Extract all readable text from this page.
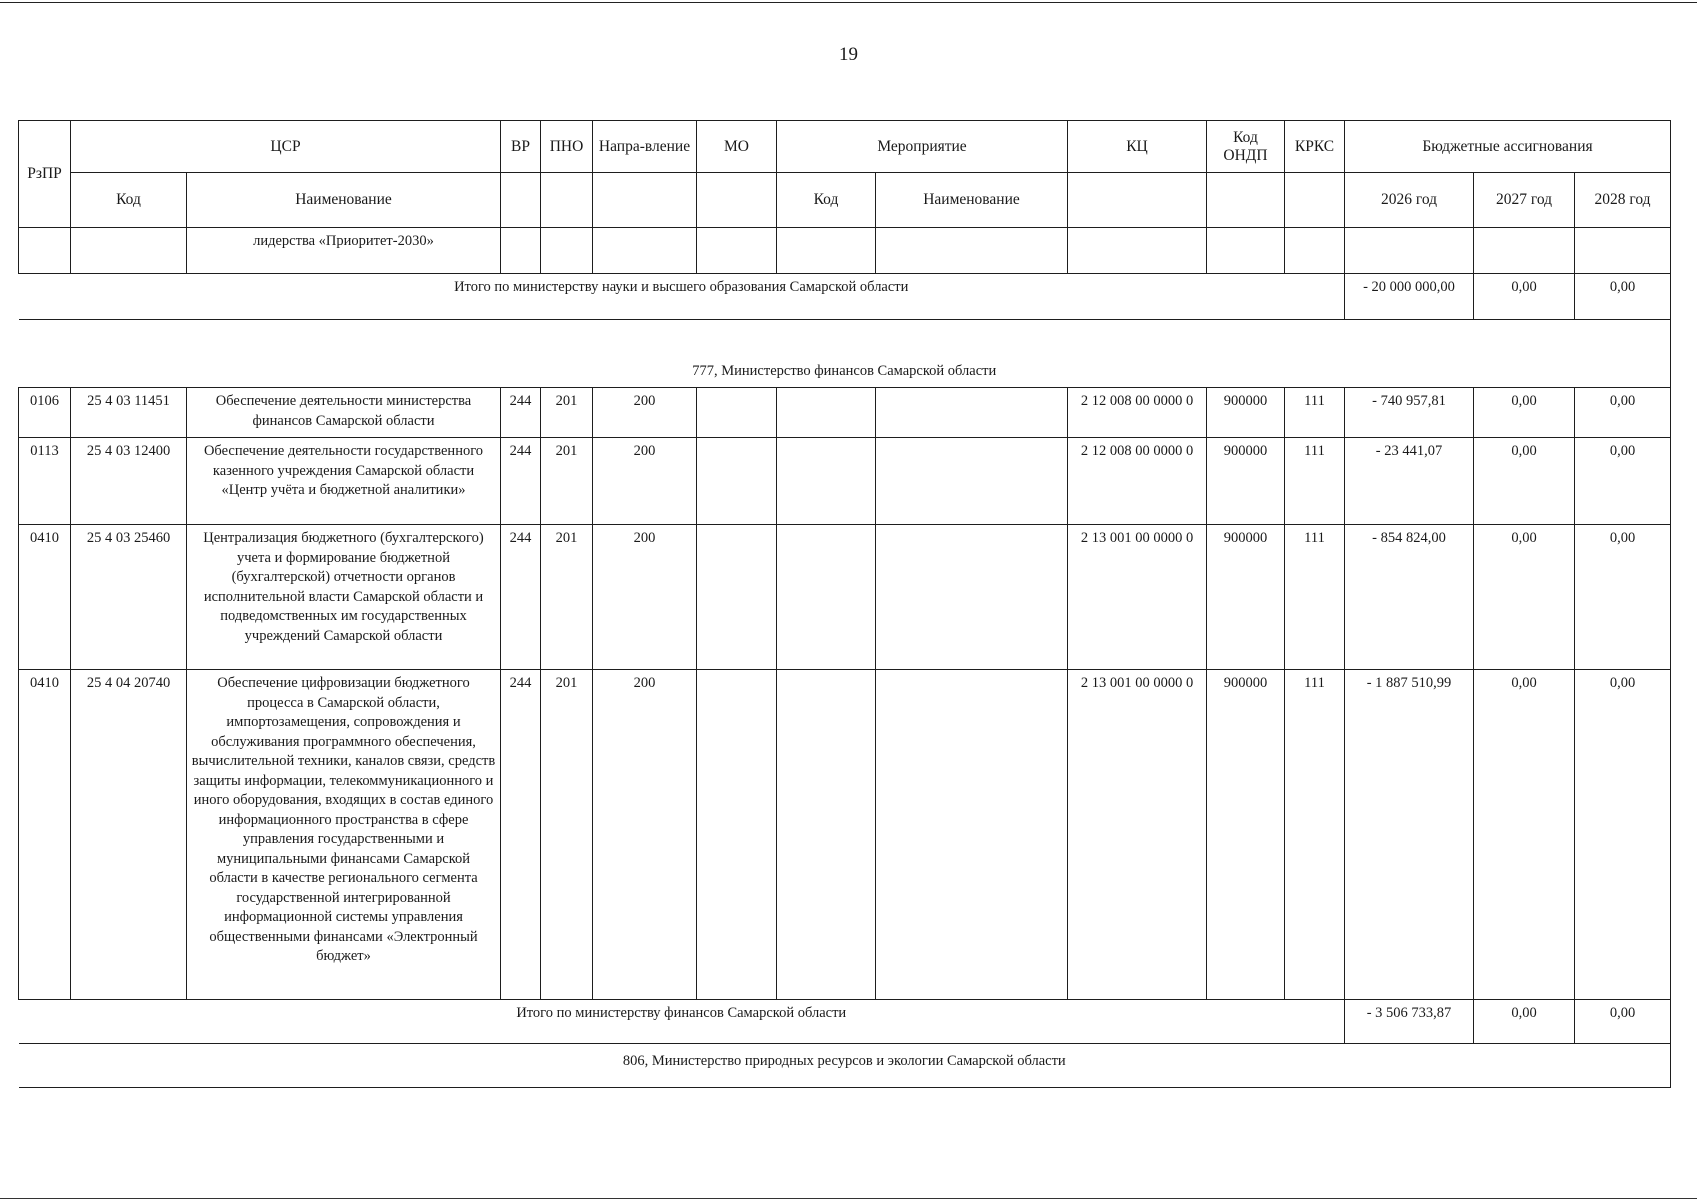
19
РзПР	ЦСР		ВР	ПНО	Напра-вление	МО	Мероприятие		КЦ	Код ОНДП	КРКС	Бюджетные ассигнования		
	Код	Наименование					Код	Наименование				2026 год	2027 год	2028 год
		лидерства «Приоритет-2030»												
Итого по министерству науки и высшего образования Самарской области												- 20 000 000,00	0,00	0,00
777, Министерство финансов Самарской области														
0106	25 4 03 11451	Обеспечение деятельности министерства финансов Самарской области	244	201	200				2 12 008 00 0000 0	900000	111	- 740 957,81	0,00	0,00
0113	25 4 03 12400	Обеспечение деятельности государственного казенного учреждения Самарской области «Центр учёта и бюджетной аналитики»	244	201	200				2 12 008 00 0000 0	900000	111	- 23 441,07	0,00	0,00
0410	25 4 03 25460	Централизация бюджетного (бухгалтерского) учета и формирование бюджетной (бухгалтерской) отчетности органов исполнительной власти Самарской области и подведомственных им государственных учреждений Самарской области	244	201	200				2 13 001 00 0000 0	900000	111	- 854 824,00	0,00	0,00
0410	25 4 04 20740	Обеспечение цифровизации бюджетного процесса в Самарской области, импортозамещения, сопровождения и обслуживания программного обеспечения, вычислительной техники, каналов связи, средств защиты информации, телекоммуникационного и иного оборудования, входящих в состав единого информационного пространства в сфере управления государственными и муниципальными финансами Самарской области в качестве регионального сегмента государственной интегрированной информационной системы управления общественными финансами «Электронный бюджет»	244	201	200				2 13 001 00 0000 0	900000	111	- 1 887 510,99	0,00	0,00
Итого по министерству финансов Самарской области												- 3 506 733,87	0,00	0,00
806, Министерство природных ресурсов и экологии Самарской области														
